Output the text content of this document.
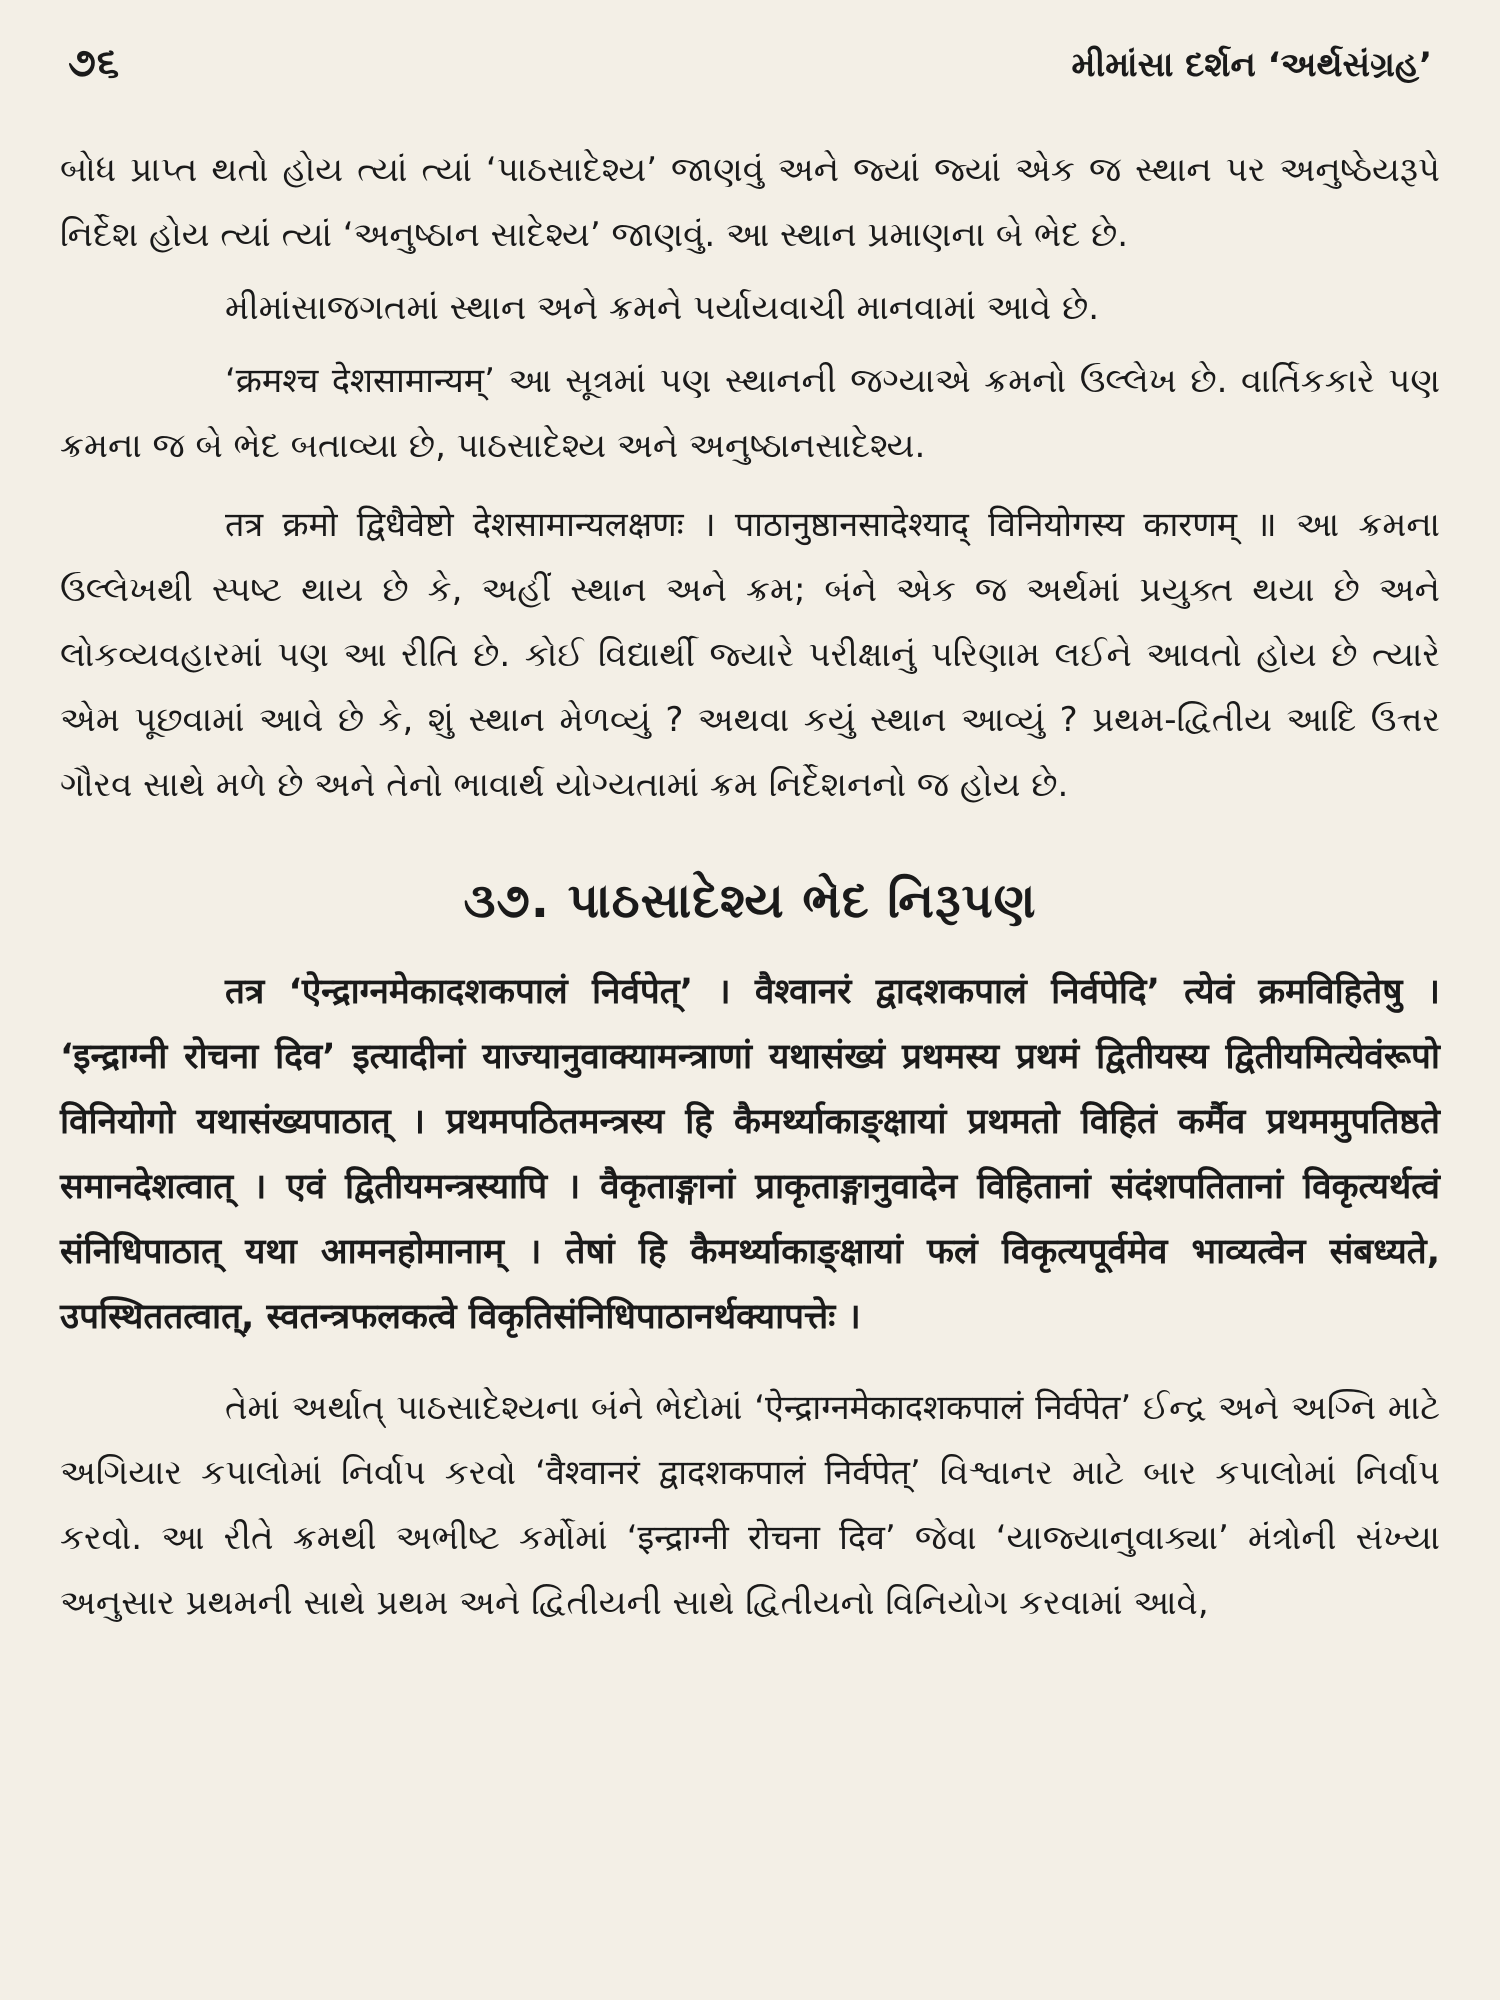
૭૬	મીમાંસા દર્શન ‘અર્થસંગ્રહ’

બોધ પ્રાપ્ત થતો હોય ત્યાં ત્યાં ‘પાઠસાદેશ્ય’ જાણવું અને જ્યાં જ્યાં એક જ સ્થાન પર અનુષ્ઠેયરૂપે નિર્દેશ હોય ત્યાં ત્યાં ‘અનુષ્ઠાન સાદેશ્ય’ જાણવું. આ સ્થાન પ્રમાણના બે ભેદ છે.

મીમાંસાજગતમાં સ્થાન અને ક્રમને પર્યાયવાચી માનવામાં આવે છે.

‘क्रमश्च देशसामान्यम्’ આ સૂત્રમાં પણ સ્થાનની જગ્યાએ ક્રમનો ઉલ્લેખ છે. વાર્તિકકારે પણ ક્રમના જ બે ભેદ બતાવ્યા છે, પાઠસાદેશ્ય અને અનુષ્ઠાનસાદેશ્ય.

तत्र क्रमो द्विधैवेष्टो देशसामान्यलक्षणः । पाठानुष्ठानसादेश्याद् विनियोगस्य कारणम् ॥ આ ક્રમના ઉલ્લેખથી સ્પષ્ટ થાય છે કે, અહીં સ્થાન અને ક્રમ; બંને એક જ અર્થમાં પ્રયુક્ત થયા છે અને લોકવ્યવહારમાં પણ આ રીતિ છે. કોઈ વિદ્યાર્થી જ્યારે પરીક્ષાનું પરિણામ લઈને આવતો હોય છે ત્યારે એમ પૂછવામાં આવે છે કે, શું સ્થાન મેળવ્યું ? અથવા કયું સ્થાન આવ્યું ? પ્રથમ-દ્વિતીય આદિ ઉત્તર ગૌરવ સાથે મળે છે અને તેનો ભાવાર્થ યોગ્યતામાં ક્રમ નિર્દેશનનો જ હોય છે.

૩૭. પાઠસાદેશ્ય ભેદ નિરૂપણ

तत्र ‘ऐन्द्राग्नमेकादशकपालं निर्वपेत्’ । वैश्वानरं द्वादशकपालं निर्वपेदि’ त्येवं क्रमविहितेषु । ‘इन्द्राग्नी रोचना दिव’ इत्यादीनां याज्यानुवाक्यामन्त्राणां यथासंख्यं प्रथमस्य प्रथमं द्वितीयस्य द्वितीयमित्येवंरूपो विनियोगो यथासंख्यपाठात् । प्रथमपठितमन्त्रस्य हि कैमर्थ्याकाङ्क्षायां प्रथमतो विहितं कर्मैव प्रथममुपतिष्ठते समानदेशत्वात् । एवं द्वितीयमन्त्रस्यापि । वैकृताङ्गानां प्राकृताङ्गानुवादेन विहितानां संदंशपतितानां विकृत्यर्थत्वं संनिधिपाठात् यथा आमनहोमानाम् । तेषां हि कैमर्थ्याकाङ्क्षायां फलं विकृत्यपूर्वमेव भाव्यत्वेन संबध्यते, उपस्थिततत्वात्, स्वतन्त्रफलकत्वे विकृतिसंनिधिपाठानर्थक्यापत्तेः ।

તેમાં અર્થાત્ પાઠસાદેશ્યના બંને ભેદોમાં ‘ऐन्द्राग्नमेकादशकपालं निर्वपेत’ ઈન્દ્ર અને અગ્નિ માટે અગિયાર કપાલોમાં નિર્વાપ કરવો ‘वैश्वानरं द्वादशकपालं निर्वपेत्’ વિશ્વાનર માટે બાર કપાલોમાં નિર્વાપ કરવો. આ રીતે ક્રમથી અભીષ્ટ કર્મોમાં ‘इन्द्राग्नी रोचना दिव’ જેવા ‘યાજ્યાનુવાક્યા’ મંત્રોની સંખ્યા અનુસાર પ્રથમની સાથે પ્રથમ અને દ્વિતીયની સાથે દ્વિતીયનો વિનિયોગ કરવામાં આવે,
